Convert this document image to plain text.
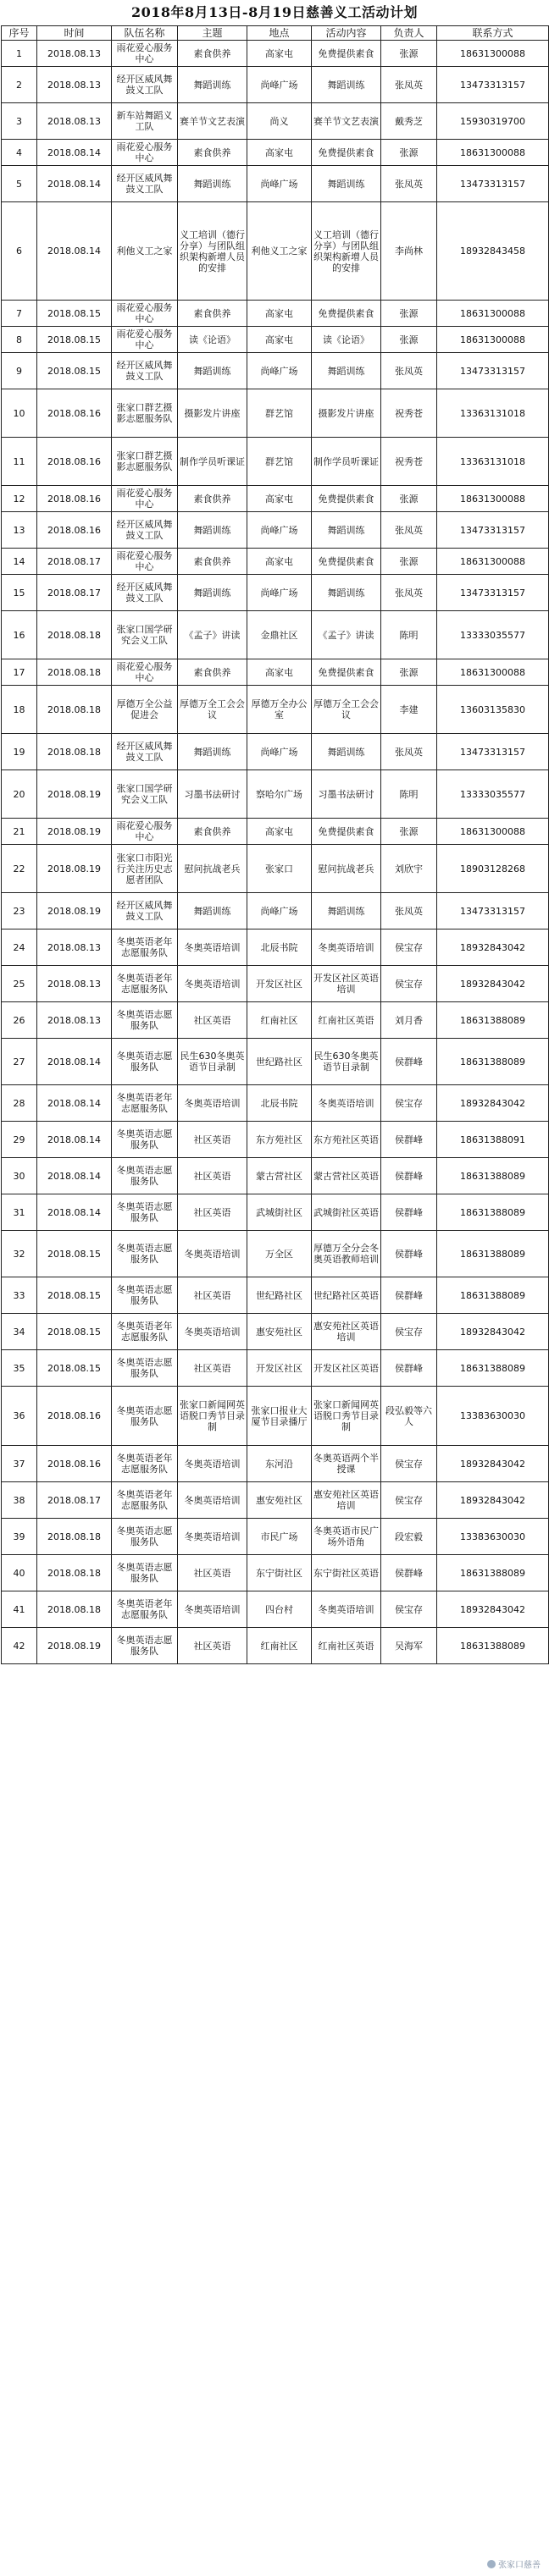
2018年8月13日-8月19日慈善义工活动计划
序号	时间	队伍名称	主题	地点	活动内容	负责人	联系方式
1	2018.08.13	雨花爱心服务中心	素食供养	高家屯	免费提供素食	张源	18631300088
2	2018.08.13	经开区威风舞鼓义工队	舞蹈训练	尚峰广场	舞蹈训练	张凤英	13473313157
3	2018.08.13	新车站舞蹈义工队	赛羊节文艺表演	尚义	赛羊节文艺表演	戴秀芝	15930319700
4	2018.08.14	雨花爱心服务中心	素食供养	高家屯	免费提供素食	张源	18631300088
5	2018.08.14	经开区威风舞鼓义工队	舞蹈训练	尚峰广场	舞蹈训练	张凤英	13473313157
6	2018.08.14	利他义工之家	义工培训（德行分享）与团队组织架构新增人员的安排	利他义工之家	义工培训（德行分享）与团队组织架构新增人员的安排	李尚林	18932843458
7	2018.08.15	雨花爱心服务中心	素食供养	高家屯	免费提供素食	张源	18631300088
8	2018.08.15	雨花爱心服务中心	读《论语》	高家屯	读《论语》	张源	18631300088
9	2018.08.15	经开区威风舞鼓义工队	舞蹈训练	尚峰广场	舞蹈训练	张凤英	13473313157
10	2018.08.16	张家口群艺摄影志愿服务队	摄影发片讲座	群艺馆	摄影发片讲座	祝秀苍	13363131018
11	2018.08.16	张家口群艺摄影志愿服务队	制作学员听课证	群艺馆	制作学员听课证	祝秀苍	13363131018
12	2018.08.16	雨花爱心服务中心	素食供养	高家屯	免费提供素食	张源	18631300088
13	2018.08.16	经开区威风舞鼓义工队	舞蹈训练	尚峰广场	舞蹈训练	张凤英	13473313157
14	2018.08.17	雨花爱心服务中心	素食供养	高家屯	免费提供素食	张源	18631300088
15	2018.08.17	经开区威风舞鼓义工队	舞蹈训练	尚峰广场	舞蹈训练	张凤英	13473313157
16	2018.08.18	张家口国学研究会义工队	《孟子》讲读	金鼎社区	《孟子》讲读	陈明	13333035577
17	2018.08.18	雨花爱心服务中心	素食供养	高家屯	免费提供素食	张源	18631300088
18	2018.08.18	厚德万全公益促进会	厚德万全工会会议	厚德万全办公室	厚德万全工会会议	李建	13603135830
19	2018.08.18	经开区威风舞鼓义工队	舞蹈训练	尚峰广场	舞蹈训练	张凤英	13473313157
20	2018.08.19	张家口国学研究会义工队	习墨书法研讨	察哈尔广场	习墨书法研讨	陈明	13333035577
21	2018.08.19	雨花爱心服务中心	素食供养	高家屯	免费提供素食	张源	18631300088
22	2018.08.19	张家口市阳光行关注历史志愿者团队	慰问抗战老兵	张家口	慰问抗战老兵	刘欣宇	18903128268
23	2018.08.19	经开区威风舞鼓义工队	舞蹈训练	尚峰广场	舞蹈训练	张凤英	13473313157
24	2018.08.13	冬奥英语老年志愿服务队	冬奥英语培训	北辰书院	冬奥英语培训	侯宝存	18932843042
25	2018.08.13	冬奥英语老年志愿服务队	冬奥英语培训	开发区社区	开发区社区英语培训	侯宝存	18932843042
26	2018.08.13	冬奥英语志愿服务队	社区英语	红南社区	红南社区英语	刘月香	18631388089
27	2018.08.14	冬奥英语志愿服务队	民生630冬奥英语节目录制	世纪路社区	民生630冬奥英语节目录制	侯群峰	18631388089
28	2018.08.14	冬奥英语老年志愿服务队	冬奥英语培训	北辰书院	冬奥英语培训	侯宝存	18932843042
29	2018.08.14	冬奥英语志愿服务队	社区英语	东方苑社区	东方苑社区英语	侯群峰	18631388091
30	2018.08.14	冬奥英语志愿服务队	社区英语	蒙古营社区	蒙古营社区英语	侯群峰	18631388089
31	2018.08.14	冬奥英语志愿服务队	社区英语	武城街社区	武城街社区英语	侯群峰	18631388089
32	2018.08.15	冬奥英语志愿服务队	冬奥英语培训	万全区	厚德万全分会冬奥英语教师培训	侯群峰	18631388089
33	2018.08.15	冬奥英语志愿服务队	社区英语	世纪路社区	世纪路社区英语	侯群峰	18631388089
34	2018.08.15	冬奥英语老年志愿服务队	冬奥英语培训	惠安苑社区	惠安苑社区英语培训	侯宝存	18932843042
35	2018.08.15	冬奥英语志愿服务队	社区英语	开发区社区	开发区社区英语	侯群峰	18631388089
36	2018.08.16	冬奥英语志愿服务队	张家口新闻网英语脱口秀节目录制	张家口报业大厦节目录播厅	张家口新闻网英语脱口秀节目录制	段弘毅等六人	13383630030
37	2018.08.16	冬奥英语老年志愿服务队	冬奥英语培训	东河沿	冬奥英语两个半授课	侯宝存	18932843042
38	2018.08.17	冬奥英语老年志愿服务队	冬奥英语培训	惠安苑社区	惠安苑社区英语培训	侯宝存	18932843042
39	2018.08.18	冬奥英语志愿服务队	冬奥英语培训	市民广场	冬奥英语市民广场外语角	段宏毅	13383630030
40	2018.08.18	冬奥英语志愿服务队	社区英语	东宁街社区	东宁街社区英语	侯群峰	18631388089
41	2018.08.18	冬奥英语老年志愿服务队	冬奥英语培训	四台村	冬奥英语培训	侯宝存	18932843042
42	2018.08.19	冬奥英语志愿服务队	社区英语	红南社区	红南社区英语	吴海军	18631388089
张家口慈善
